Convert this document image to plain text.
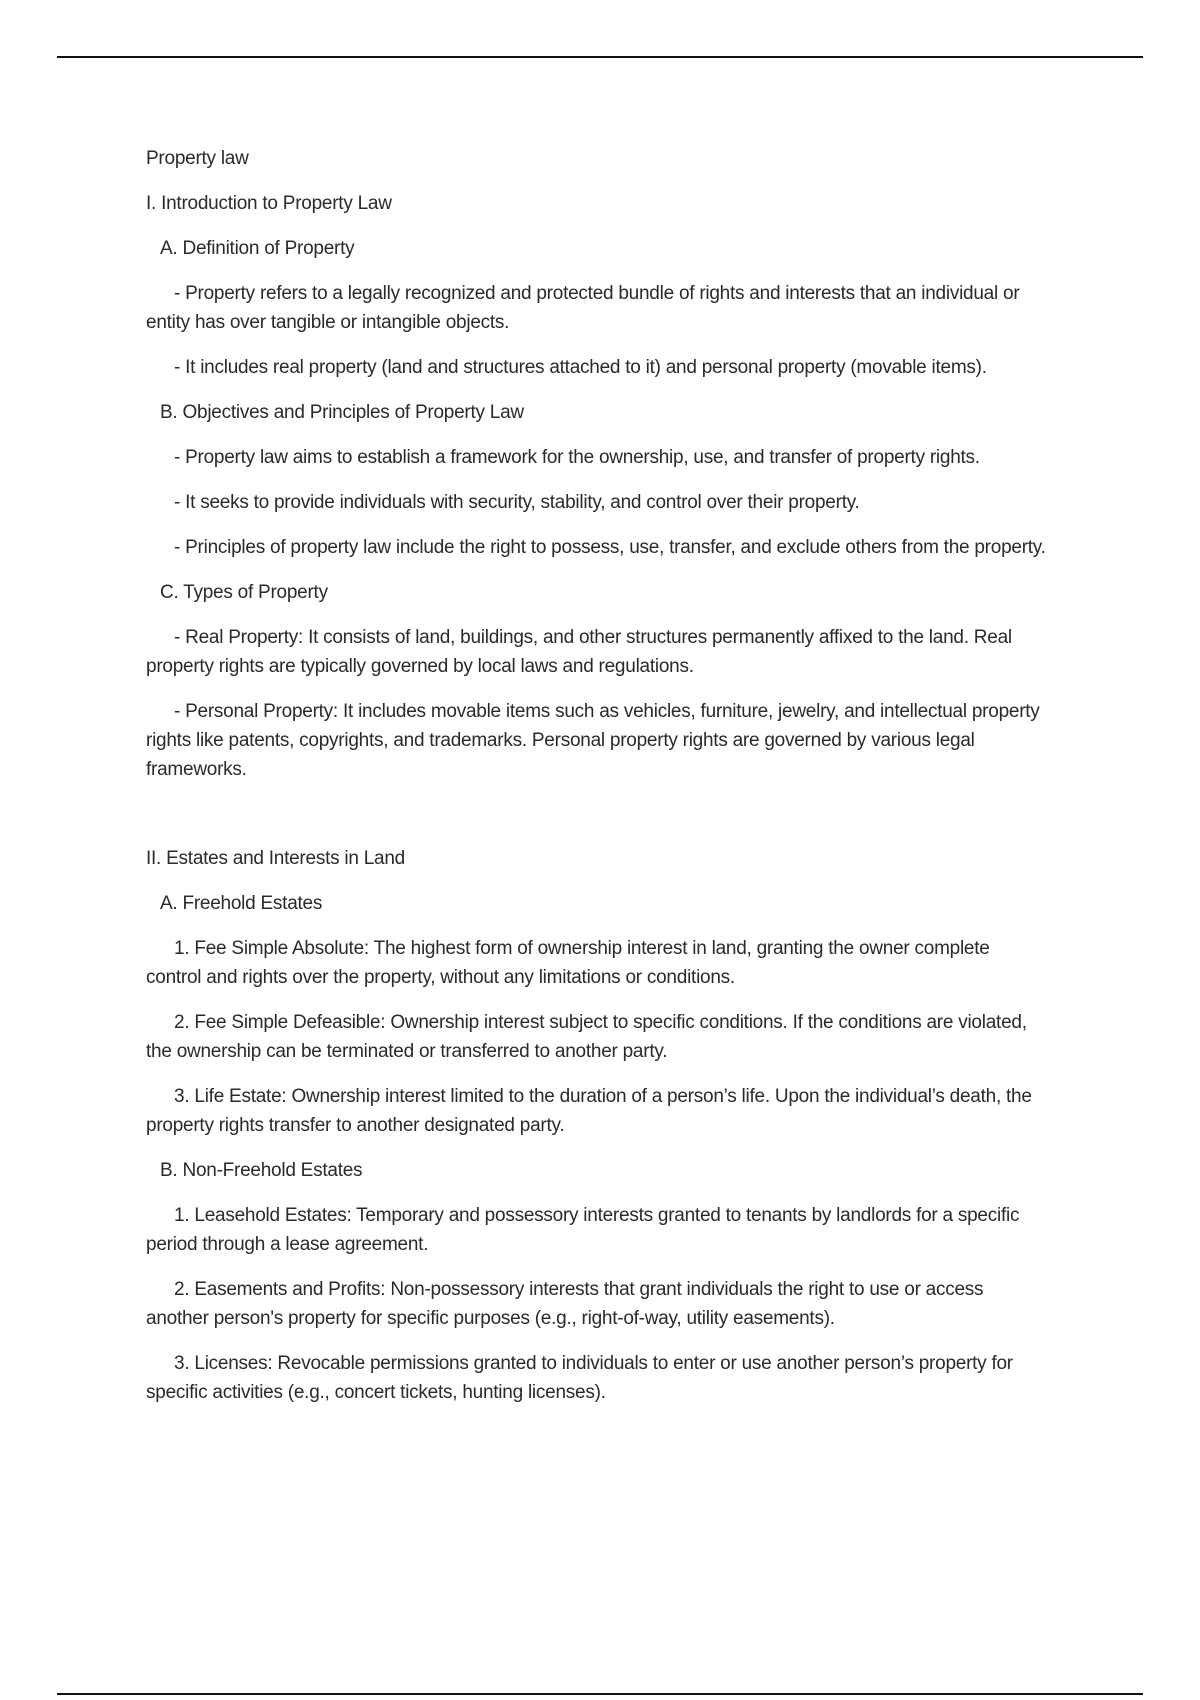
Property law

I. Introduction to Property Law

A. Definition of Property

- Property refers to a legally recognized and protected bundle of rights and interests that an individual or entity has over tangible or intangible objects.

- It includes real property (land and structures attached to it) and personal property (movable items).

B. Objectives and Principles of Property Law

- Property law aims to establish a framework for the ownership, use, and transfer of property rights.

- It seeks to provide individuals with security, stability, and control over their property.

- Principles of property law include the right to possess, use, transfer, and exclude others from the property.

C. Types of Property

- Real Property: It consists of land, buildings, and other structures permanently affixed to the land. Real property rights are typically governed by local laws and regulations.

- Personal Property: It includes movable items such as vehicles, furniture, jewelry, and intellectual property rights like patents, copyrights, and trademarks. Personal property rights are governed by various legal frameworks.

II. Estates and Interests in Land

A. Freehold Estates

1. Fee Simple Absolute: The highest form of ownership interest in land, granting the owner complete control and rights over the property, without any limitations or conditions.

2. Fee Simple Defeasible: Ownership interest subject to specific conditions. If the conditions are violated, the ownership can be terminated or transferred to another party.

3. Life Estate: Ownership interest limited to the duration of a person’s life. Upon the individual’s death, the property rights transfer to another designated party.

B. Non-Freehold Estates

1. Leasehold Estates: Temporary and possessory interests granted to tenants by landlords for a specific period through a lease agreement.

2. Easements and Profits: Non-possessory interests that grant individuals the right to use or access another person's property for specific purposes (e.g., right-of-way, utility easements).

3. Licenses: Revocable permissions granted to individuals to enter or use another person’s property for specific activities (e.g., concert tickets, hunting licenses).
